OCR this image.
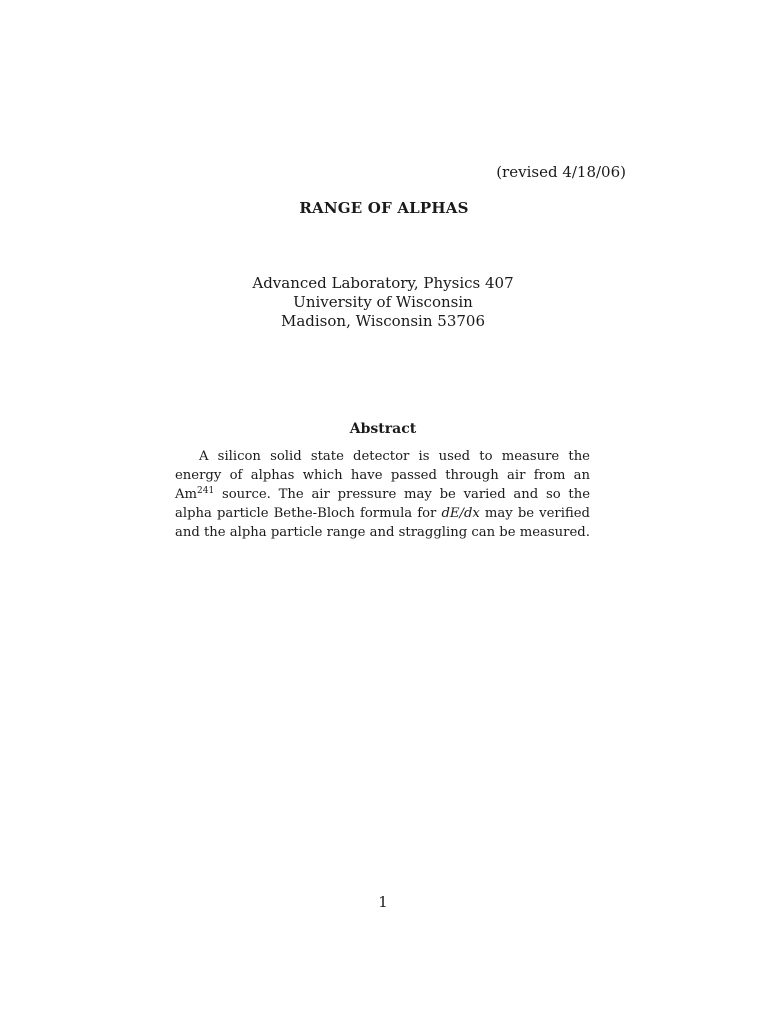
(revised 4/18/06)
RANGE OF ALPHAS
Advanced Laboratory, Physics 407
University of Wisconsin
Madison, Wisconsin 53706
Abstract

A silicon solid state detector is used to measure the energy of alphas which have passed through air from an Am$^{241}$ source. The air pressure may be varied and so the alpha particle Bethe-Bloch formula for dE/dx may be verified and the alpha particle range and straggling can be measured.

1
